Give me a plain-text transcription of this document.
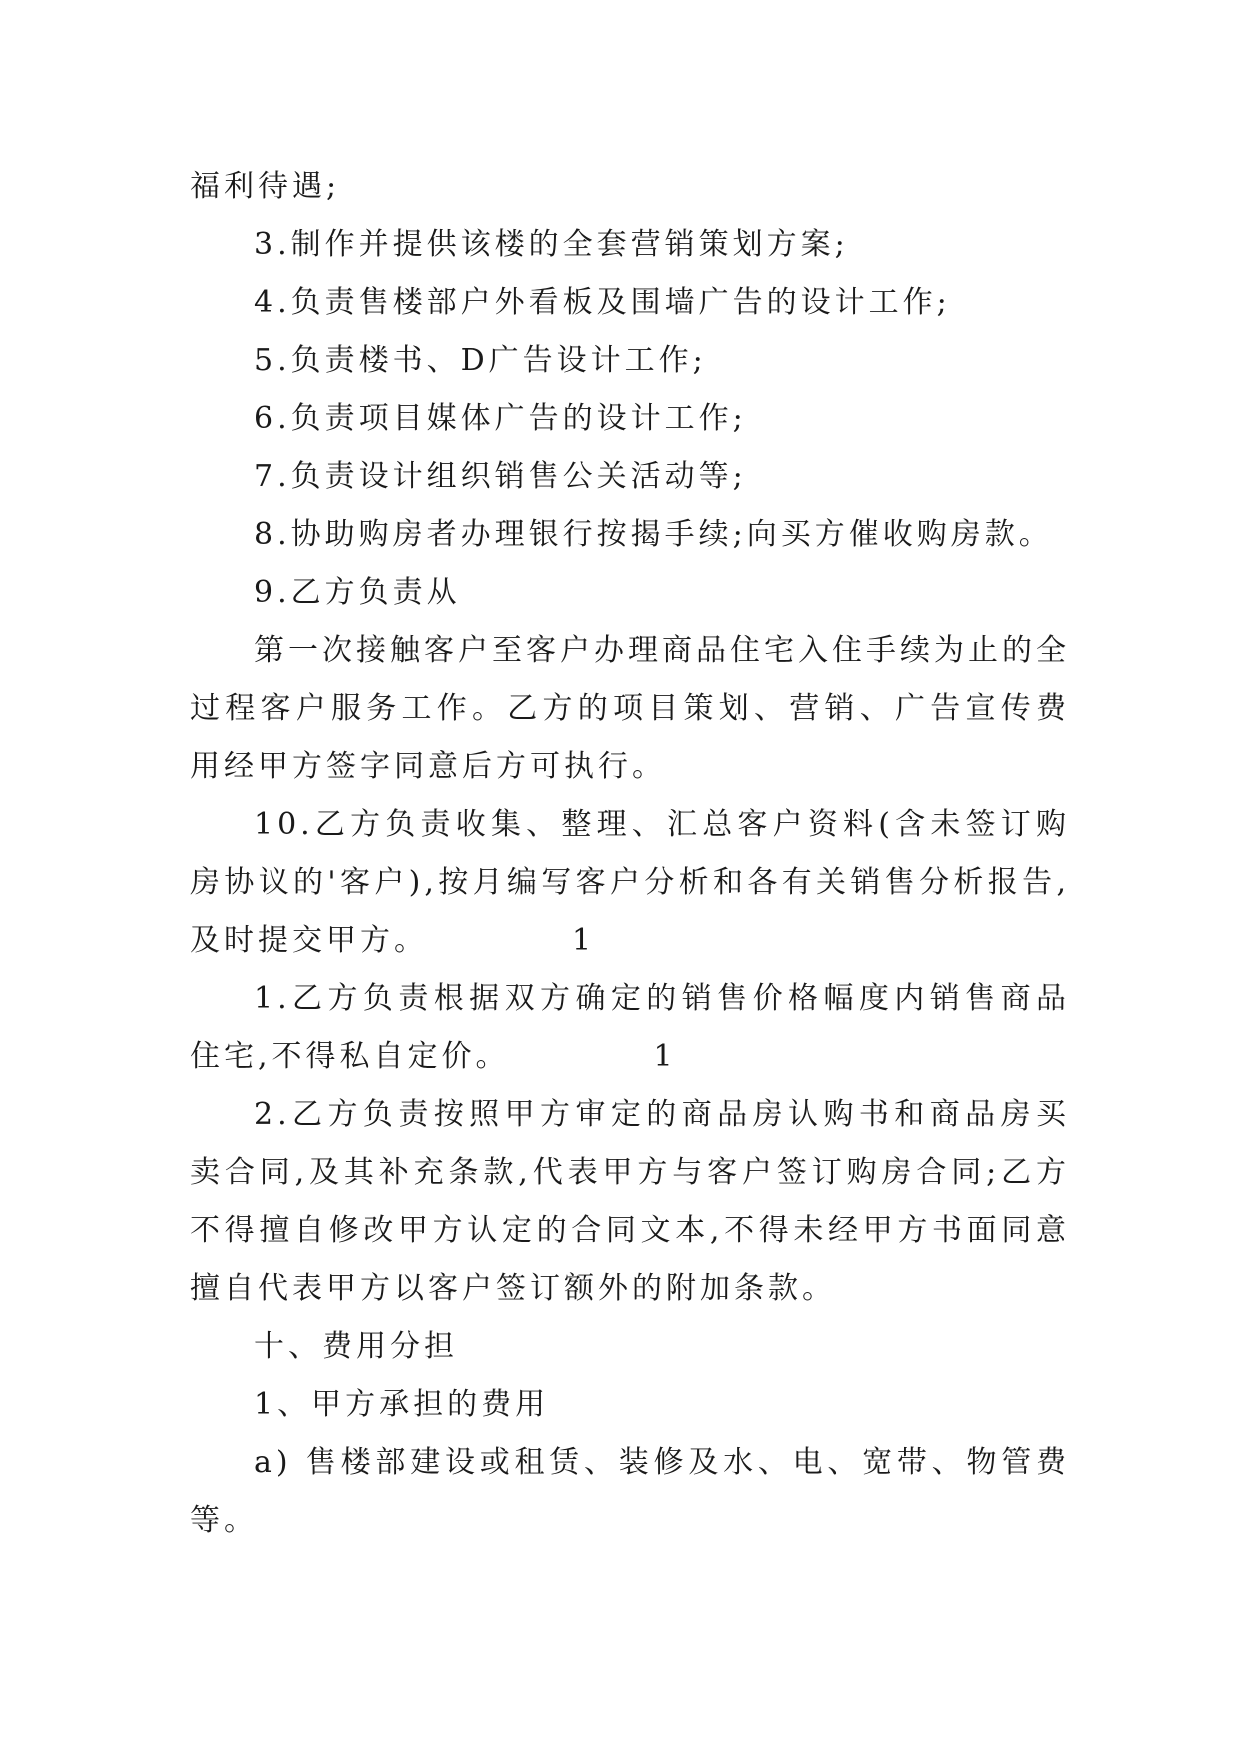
福利待遇;

3.制作并提供该楼的全套营销策划方案;

4.负责售楼部户外看板及围墙广告的设计工作;

5.负责楼书、D广告设计工作;

6.负责项目媒体广告的设计工作;

7.负责设计组织销售公关活动等;

8.协助购房者办理银行按揭手续;向买方催收购房款。

9.乙方负责从

第一次接触客户至客户办理商品住宅入住手续为止的全过程客户服务工作。乙方的项目策划、营销、广告宣传费用经甲方签字同意后方可执行。

10.乙方负责收集、整理、汇总客户资料(含未签订购房协议的'客户),按月编写客户分析和各有关销售分析报告,及时提交甲方。	1

1.乙方负责根据双方确定的销售价格幅度内销售商品住宅,不得私自定价。	1

2.乙方负责按照甲方审定的商品房认购书和商品房买卖合同,及其补充条款,代表甲方与客户签订购房合同;乙方不得擅自修改甲方认定的合同文本,不得未经甲方书面同意擅自代表甲方以客户签订额外的附加条款。

十、费用分担

1、甲方承担的费用

a) 售楼部建设或租赁、装修及水、电、宽带、物管费等。
